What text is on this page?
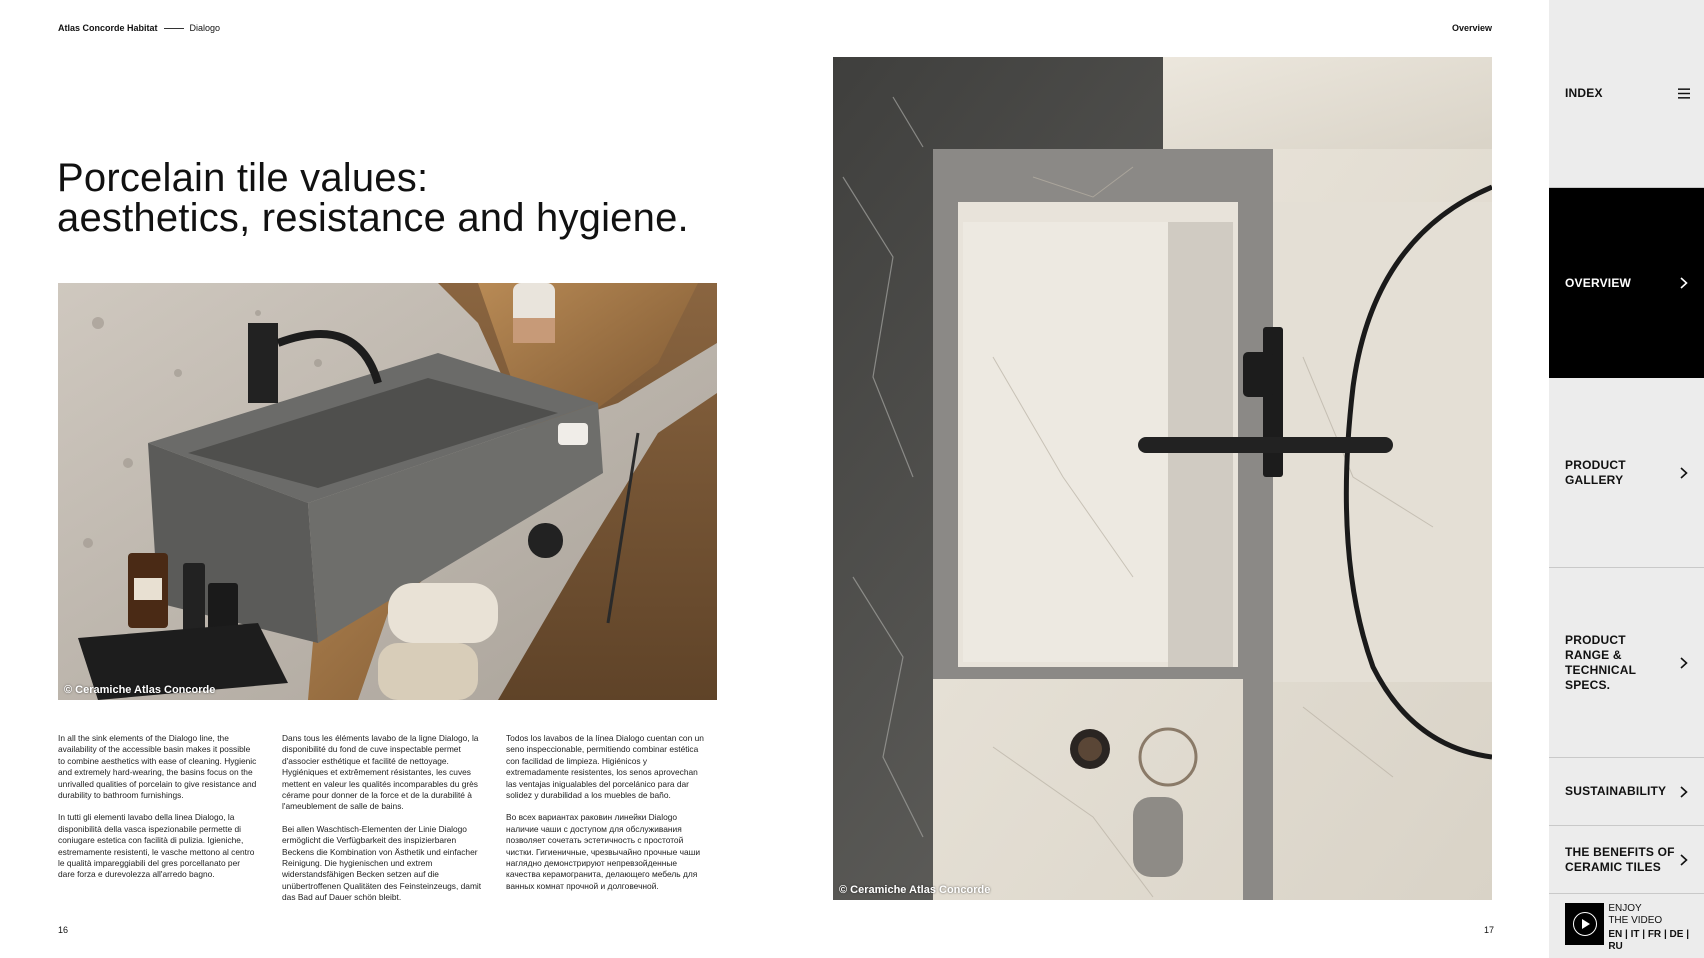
Atlas Concorde Habitat	Dialogo	Overview
Porcelain tile values:
aesthetics, resistance and hygiene.
© Ceramiche Atlas Concorde
© Ceramiche Atlas Concorde

In all the sink elements of the Dialogo line, the availability of the accessible basin makes it possible to combine aesthetics with ease of cleaning. Hygienic and extremely hard-wearing, the basins focus on the unrivalled qualities of porcelain to give resistance and durability to bathroom furnishings.

In tutti gli elementi lavabo della linea Dialogo, la disponibilità della vasca ispezionabile permette di coniugare estetica con facilità di pulizia. Igieniche, estremamente resistenti, le vasche mettono al centro le qualità impareggiabili del gres porcellanato per dare forza e durevolezza all'arredo bagno.

Dans tous les éléments lavabo de la ligne Dialogo, la disponibilité du fond de cuve inspectable permet d'associer esthétique et facilité de nettoyage. Hygiéniques et extrêmement résistantes, les cuves mettent en valeur les qualités incomparables du grès cérame pour donner de la force et de la durabilité à l'ameublement de salle de bains.

Bei allen Waschtisch-Elementen der Linie Dialogo ermöglicht die Verfügbarkeit des inspizierbaren Beckens die Kombination von Ästhetik und einfacher Reinigung. Die hygienischen und extrem widerstandsfähigen Becken setzen auf die unübertroffenen Qualitäten des Feinsteinzeugs, damit das Bad auf Dauer schön bleibt.

Todos los lavabos de la línea Dialogo cuentan con un seno inspeccionable, permitiendo combinar estética con facilidad de limpieza. Higiénicos y extremadamente resistentes, los senos aprovechan las ventajas inigualables del porcelánico para dar solidez y durabilidad a los muebles de baño.

Во всех вариантах раковин линейки Dialogo наличие чаши с доступом для обслуживания позволяет сочетать эстетичность с простотой чистки. Гигиеничные, чрезвычайно прочные чаши наглядно демонстрируют непревзойденные качества керамогранита, делающего мебель для ванных комнат прочной и долговечной.

16	17
INDEX
OVERVIEW
PRODUCT
GALLERY
PRODUCT
RANGE &
TECHNICAL
SPECS.
SUSTAINABILITY
THE BENEFITS OF
CERAMIC TILES
ENJOY
THE VIDEO
EN | IT | FR | DE | RU
